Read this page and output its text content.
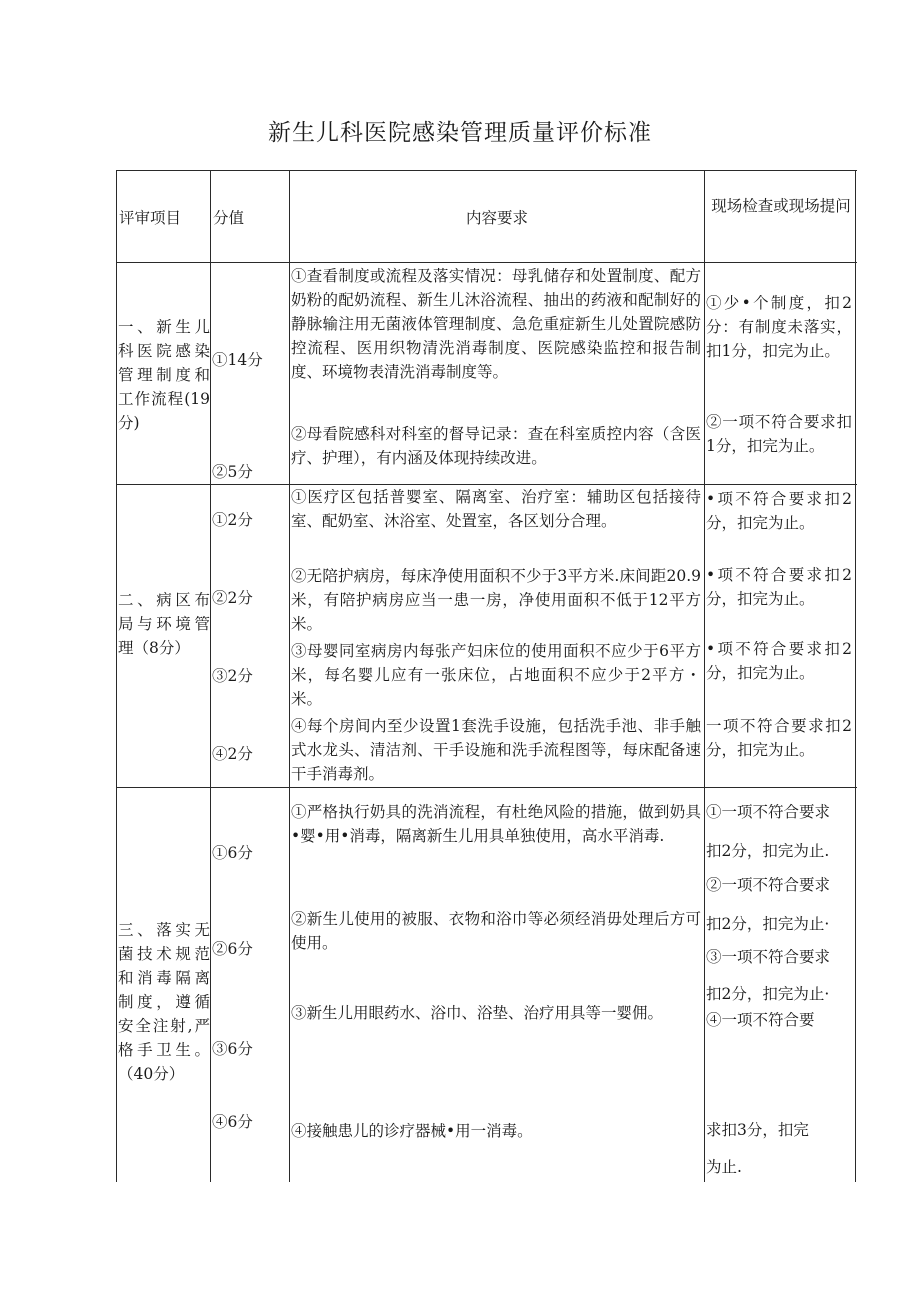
新生儿科医院感染管理质量评价标准
评审项目	分值	内容要求
现场检查或现场提问
一、新生儿科医院感染管理制度和工作流程(19分)
①14分
②5分
①查看制度或流程及落实情况：母乳储存和处置制度、配方奶粉的配奶流程、新生儿沐浴流程、抽出的药液和配制好的静脉输注用无菌液体管理制度、急危重症新生儿处置院感防控流程、医用织物清洗消毒制度、医院感染监控和报告制度、环境物表清洗消毒制度等。
②母看院感科对科室的督导记录：查在科室质控内容（含医疗、护理），有内涵及体现持续改进。
①少•个制度，扣2分：有制度未落实，扣1分，扣完为止。
②一项不符合要求扣1分，扣完为止。
二、病区布局与环境管理（8分）
①2分
②2分
③2分
④2分
①医疗区包括普婴室、隔离室、治疗室：辅助区包括接待室、配奶室、沐浴室、处置室，各区划分合理。
②无陪护病房，每床净使用面积不少于3平方米.床间距20.9米，有陪护病房应当一患一房，净使用面积不低于12平方米。
③母婴同室病房内每张产妇床位的使用面积不应少于6平方米，每名婴儿应有一张床位，占地面积不应少于2平方・米。
④每个房间内至少设置1套洗手设施，包括洗手池、非手触式水龙头、清洁剂、干手设施和洗手流程图等，每床配备速干手消毒剂。
•项不符合要求扣2分，扣完为止。
•项不符合要求扣2分，扣完为止。
•项不符合要求扣2分，扣完为止。
一项不符合要求扣2分，扣完为止。
三、落实无菌技术规范和消毒隔离制度，遵循安全注射,严格手卫生。（40分）
①6分
②6分
③6分
④6分
①严格执行奶具的洗消流程，有杜绝风险的措施，做到奶具•婴•用•消毒，隔离新生儿用具单独使用，高水平消毒.
②新生儿使用的被服、衣物和浴巾等必须经消毋处理后方可使用。
③新生儿用眼药水、浴巾、浴垫、治疗用具等一婴佣。
④接触患儿的诊疗器械•用一消毒。
①一项不符合要求
扣2分，扣完为止.
②一项不符合要求
扣2分，扣完为止·
③一项不符合要求
扣2分，扣完为止·
④一项不符合要
求扣3分，扣完
为止.
